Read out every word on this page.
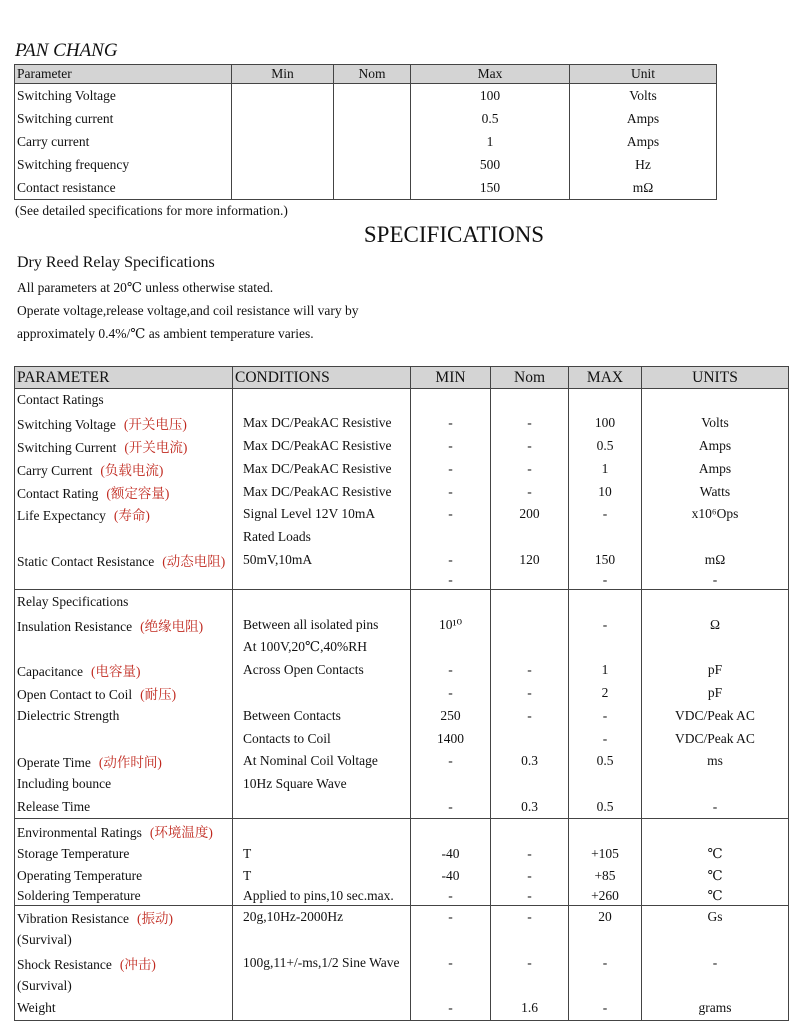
PAN CHANG
Parameter	Min	Nom	Max	Unit
Switching Voltage			100	Volts
Switching current			0.5	Amps
Carry current			1	Amps
Switching frequency			500	Hz
Contact resistance			150	mΩ
(See detailed specifications for more information.)
SPECIFICATIONS
Dry Reed Relay Specifications
All parameters at 20℃ unless otherwise stated.
Operate voltage,release voltage,and coil resistance will vary by
approximately 0.4%/℃ as ambient temperature varies.
PARAMETER	CONDITIONS	MIN	Nom	MAX	UNITS
Contact Ratings					
Switching Voltage (开关电压)	Max DC/PeakAC Resistive	-	-	100	Volts
Switching Current (开关电流)	Max DC/PeakAC Resistive	-	-	0.5	Amps
Carry Current (负载电流)	Max DC/PeakAC Resistive	-	-	1	Amps
Contact Rating (额定容量)	Max DC/PeakAC Resistive	-	-	10	Watts
Life Expectancy (寿命)	Signal Level 12V 10mA	-	200	-	x10⁶Ops
	Rated Loads				
Static Contact Resistance (动态电阻)	50mV,10mA	-	120	150	mΩ
		-		-	-
Relay Specifications					
Insulation Resistance (绝缘电阻)	Between all isolated pins	10¹⁰		-	Ω
	At 100V,20℃,40%RH				
Capacitance (电容量)	Across Open Contacts	-	-	1	pF
Open Contact to Coil (耐压)		-	-	2	pF
Dielectric Strength	Between Contacts	250	-	-	VDC/Peak AC
	Contacts to Coil	1400		-	VDC/Peak AC
Operate Time (动作时间)	At Nominal Coil Voltage	-	0.3	0.5	ms
Including bounce	10Hz Square Wave				
Release Time		-	0.3	0.5	-
Environmental Ratings (环境温度)					
Storage Temperature	T	-40	-	+105	℃
Operating Temperature	T	-40	-	+85	℃
Soldering Temperature	Applied to pins,10 sec.max.	-	-	+260	℃
Vibration Resistance (振动)	20g,10Hz-2000Hz	-	-	20	Gs
(Survival)					
Shock Resistance (冲击)	100g,11+/-ms,1/2 Sine Wave	-	-	-	-
(Survival)					
Weight		-	1.6	-	grams
